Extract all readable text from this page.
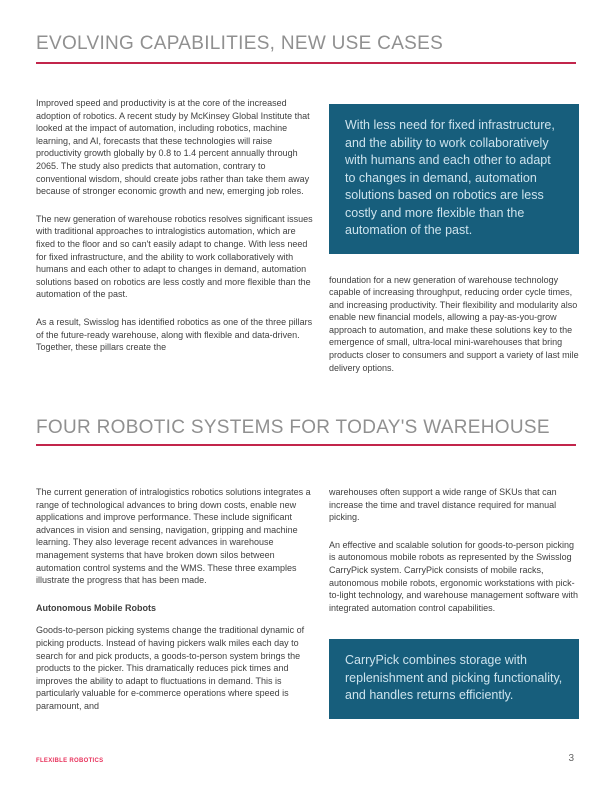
EVOLVING CAPABILITIES, NEW USE CASES

Improved speed and productivity is at the core of the increased adoption of robotics. A recent study by McKinsey Global Institute that looked at the impact of automation, including robotics, machine learning, and AI, forecasts that these technologies will raise productivity growth globally by 0.8 to 1.4 percent annually through 2065. The study also predicts that automation, contrary to conventional wisdom, should create jobs rather than take them away because of stronger economic growth and new, emerging job roles.

The new generation of warehouse robotics resolves significant issues with traditional approaches to intralogistics automation, which are fixed to the floor and so can't easily adapt to change. With less need for fixed infrastructure, and the ability to work collaboratively with humans and each other to adapt to changes in demand, automation solutions based on robotics are less costly and more flexible than the automation of the past.

As a result, Swisslog has identified robotics as one of the three pillars of the future-ready warehouse, along with flexible and data-driven. Together, these pillars create the

With less need for fixed infrastructure, and the ability to work collaboratively with humans and each other to adapt to changes in demand, automation solutions based on robotics are less costly and more flexible than the automation of the past.

foundation for a new generation of warehouse technology capable of increasing throughput, reducing order cycle times, and increasing productivity. Their flexibility and modularity also enable new financial models, allowing a pay-as-you-grow approach to automation, and make these solutions key to the emergence of small, ultra-local mini-warehouses that bring products closer to consumers and support a variety of last mile delivery options.

FOUR ROBOTIC SYSTEMS FOR TODAY'S WAREHOUSE

The current generation of intralogistics robotics solutions integrates a range of technological advances to bring down costs, enable new applications and improve performance. These include significant advances in vision and sensing, navigation, gripping and machine learning. They also leverage recent advances in warehouse management systems that have broken down silos between automation control systems and the WMS. These three examples illustrate the progress that has been made.

Autonomous Mobile Robots

Goods-to-person picking systems change the traditional dynamic of picking products. Instead of having pickers walk miles each day to search for and pick products, a goods-to-person system brings the products to the picker. This dramatically reduces pick times and improves the ability to adapt to fluctuations in demand. This is particularly valuable for e-commerce operations where speed is paramount, and

warehouses often support a wide range of SKUs that can increase the time and travel distance required for manual picking.

An effective and scalable solution for goods-to-person picking is autonomous mobile robots as represented by the Swisslog CarryPick system. CarryPick consists of mobile racks, autonomous mobile robots, ergonomic workstations with pick-to-light technology, and warehouse management software with integrated automation control capabilities.

CarryPick combines storage with replenishment and picking functionality, and handles returns efficiently.
FLEXIBLE ROBOTICS	3
